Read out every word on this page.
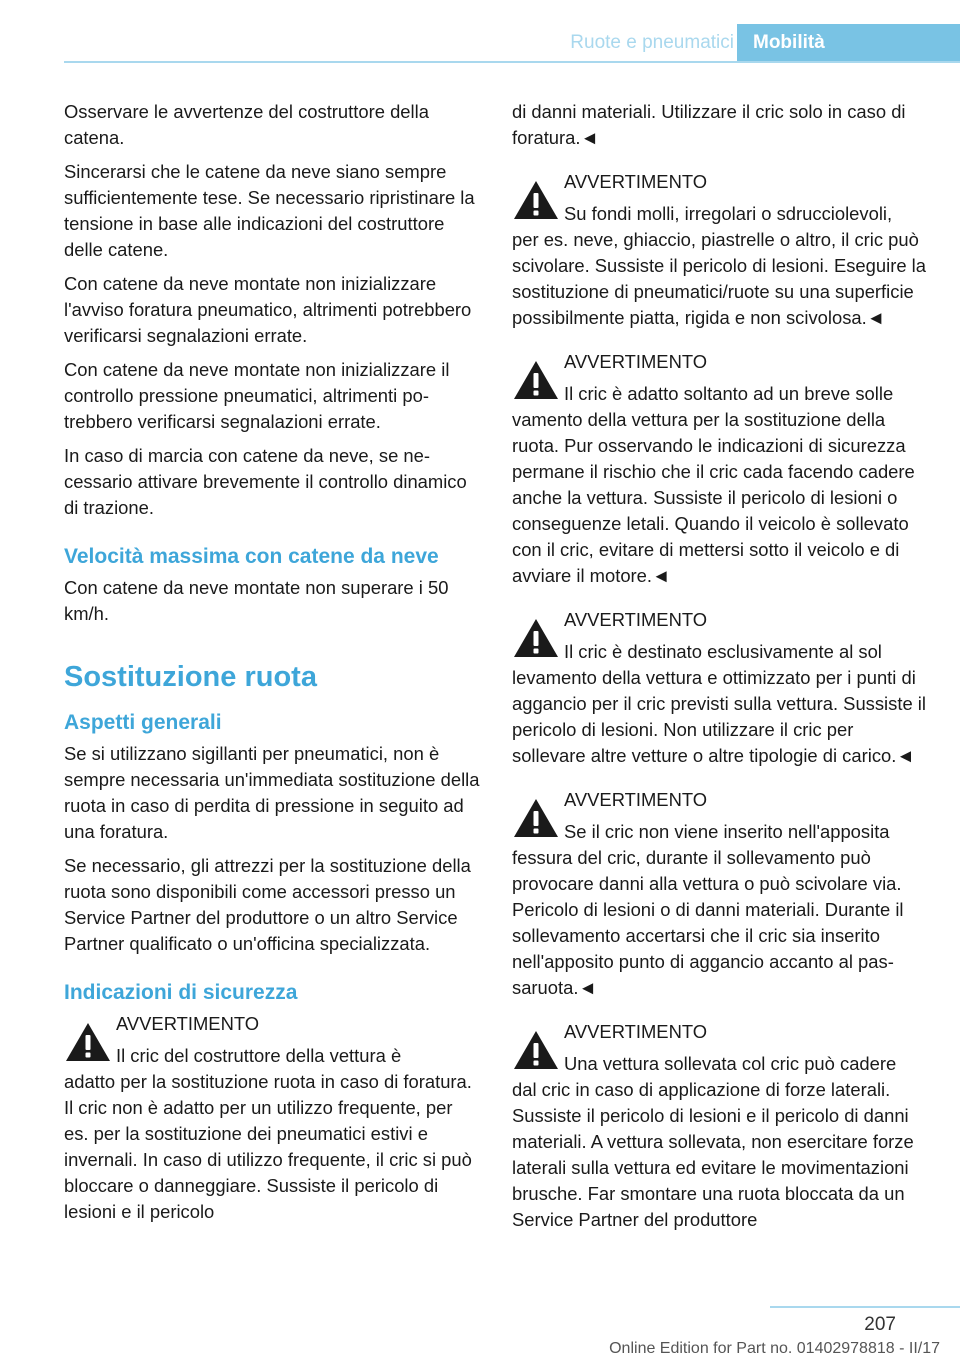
Ruote e pneumatici	Mobilità

Osservare le avvertenze del costruttore della catena.

Sincerarsi che le catene da neve siano sempre sufficientemente tese. Se necessario ripristinare la tensione in base alle indicazioni del costruttore delle catene.

Con catene da neve montate non inizializzare l'avviso foratura pneumatico, altrimenti potrebbero verificarsi segnalazioni errate.

Con catene da neve montate non inizializzare il controllo pressione pneumatici, altrimenti potrebbero verificarsi segnalazioni errate.

In caso di marcia con catene da neve, se necessario attivare brevemente il controllo dinamico di trazione.

Velocità massima con catene da neve

Con catene da neve montate non superare i 50 km/h.

Sostituzione ruota
Aspetti generali

Se si utilizzano sigillanti per pneumatici, non è sempre necessaria un'immediata sostituzione della ruota in caso di perdita di pressione in seguito ad una foratura.

Se necessario, gli attrezzi per la sostituzione della ruota sono disponibili come accessori presso un Service Partner del produttore o un altro Service Partner qualificato o un'officina specializzata.

Indicazioni di sicurezza
AVVERTIMENTO
Il cric del costruttore della vettura è
adatto per la sostituzione ruota in caso di foratura. Il cric non è adatto per un utilizzo frequente, per es. per la sostituzione dei pneumatici estivi e invernali. In caso di utilizzo frequente, il cric si può bloccare o danneggiare. Sussiste il pericolo di lesioni e il pericolo

di danni materiali. Utilizzare il cric solo in caso di foratura.◄

AVVERTIMENTO
Su fondi molli, irregolari o sdrucciolevoli,
per es. neve, ghiaccio, piastrelle o altro, il cric può scivolare. Sussiste il pericolo di lesioni. Eseguire la sostituzione di pneumatici/ruote su una superficie possibilmente piatta, rigida e non scivolosa.◄
AVVERTIMENTO
Il cric è adatto soltanto ad un breve solle
vamento della vettura per la sostituzione della ruota. Pur osservando le indicazioni di sicurezza permane il rischio che il cric cada facendo cadere anche la vettura. Sussiste il pericolo di lesioni o conseguenze letali. Quando il veicolo è sollevato con il cric, evitare di mettersi sotto il veicolo e di avviare il motore.◄
AVVERTIMENTO
Il cric è destinato esclusivamente al sol
levamento della vettura e ottimizzato per i punti di aggancio per il cric previsti sulla vettura. Sussiste il pericolo di lesioni. Non utilizzare il cric per sollevare altre vetture o altre tipologie di carico.◄
AVVERTIMENTO
Se il cric non viene inserito nell'apposita
fessura del cric, durante il sollevamento può provocare danni alla vettura o può scivolare via. Pericolo di lesioni o di danni materiali. Durante il sollevamento accertarsi che il cric sia inserito nell'apposito punto di aggancio accanto al passaruota.◄
AVVERTIMENTO
Una vettura sollevata col cric può cadere
dal cric in caso di applicazione di forze laterali. Sussiste il pericolo di lesioni e il pericolo di danni materiali. A vettura sollevata, non esercitare forze laterali sulla vettura ed evitare le movimentazioni brusche. Far smontare una ruota bloccata da un Service Partner del produttore
207
Online Edition for Part no. 01402978818 - II/17
